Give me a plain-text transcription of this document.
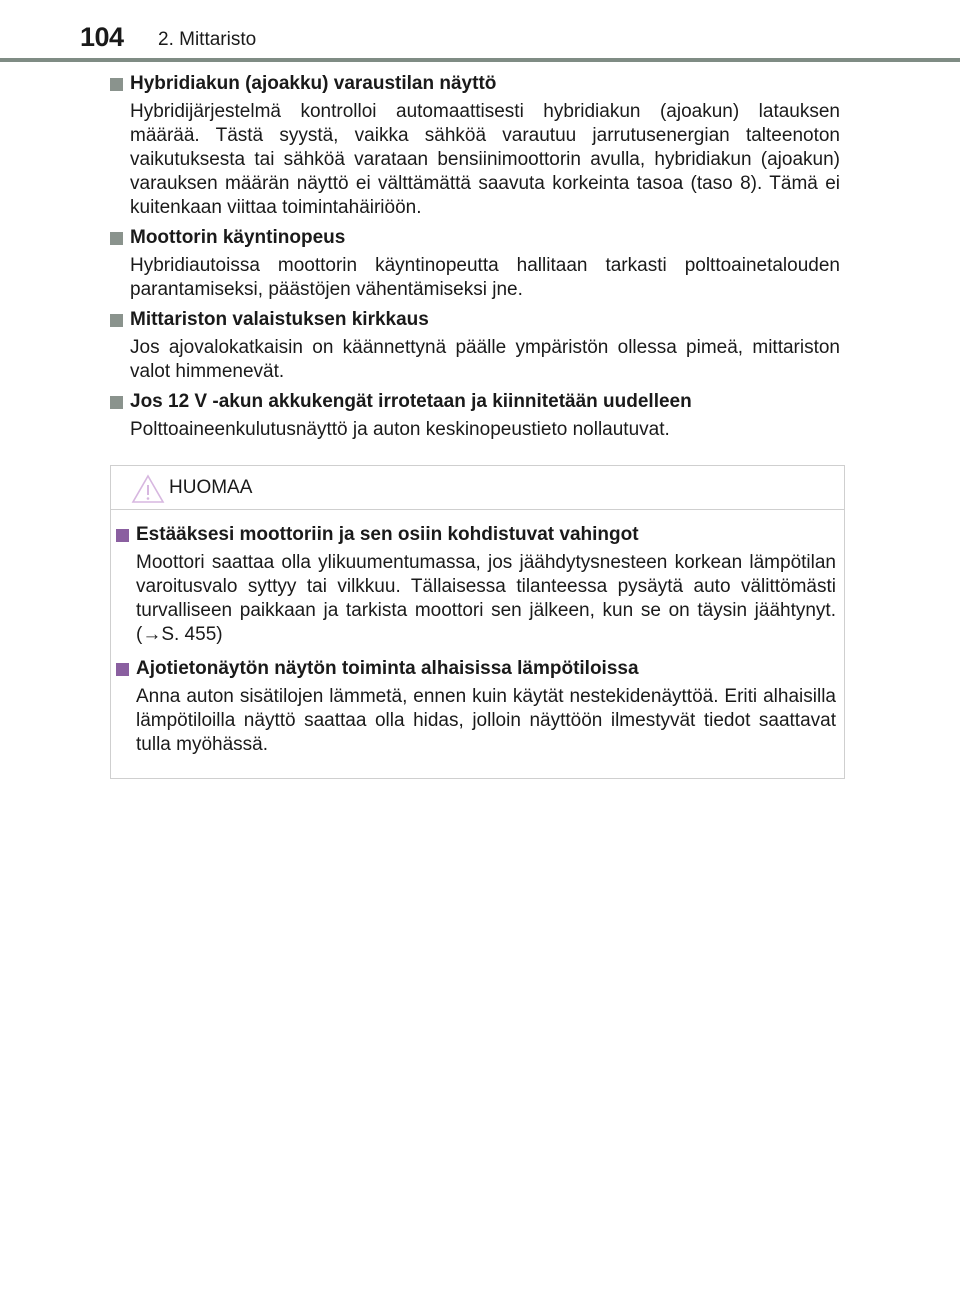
104 2. Mittaristo
Hybridiakun (ajoakku) varaustilan näyttö
Hybridijärjestelmä kontrolloi automaattisesti hybridiakun (ajoakun) latauksen määrää. Tästä syystä, vaikka sähköä varautuu jarrutusenergian talteenoton vaikutuksesta tai sähköä varataan bensiinimoottorin avulla, hybridiakun (ajoakun) varauksen määrän näyttö ei välttämättä saavuta korkeinta tasoa (taso 8). Tämä ei kuitenkaan viittaa toimintahäiriöön.
Moottorin käyntinopeus
Hybridiautoissa moottorin käyntinopeutta hallitaan tarkasti polttoainetalouden parantamiseksi, päästöjen vähentämiseksi jne.
Mittariston valaistuksen kirkkaus
Jos ajovalokatkaisin on käännettynä päälle ympäristön ollessa pimeä, mittariston valot himmenevät.
Jos 12 V -akun akkukengät irrotetaan ja kiinnitetään uudelleen
Polttoaineenkulutusnäyttö ja auton keskinopeustieto nollautuvat.
HUOMAA
Estääksesi moottoriin ja sen osiin kohdistuvat vahingot
Moottori saattaa olla ylikuumentumassa, jos jäähdytysnesteen korkean lämpötilan varoitusvalo syttyy tai vilkkuu. Tällaisessa tilanteessa pysäytä auto välittömästi turvalliseen paikkaan ja tarkista moottori sen jälkeen, kun se on täysin jäähtynyt. (→S. 455)
Ajotietonäytön näytön toiminta alhaisissa lämpötiloissa
Anna auton sisätilojen lämmetä, ennen kuin käytät nestekidenäyttöä. Eriti alhaisilla lämpötiloilla näyttö saattaa olla hidas, jolloin näyttöön ilmestyvät tiedot saattavat tulla myöhässä.
